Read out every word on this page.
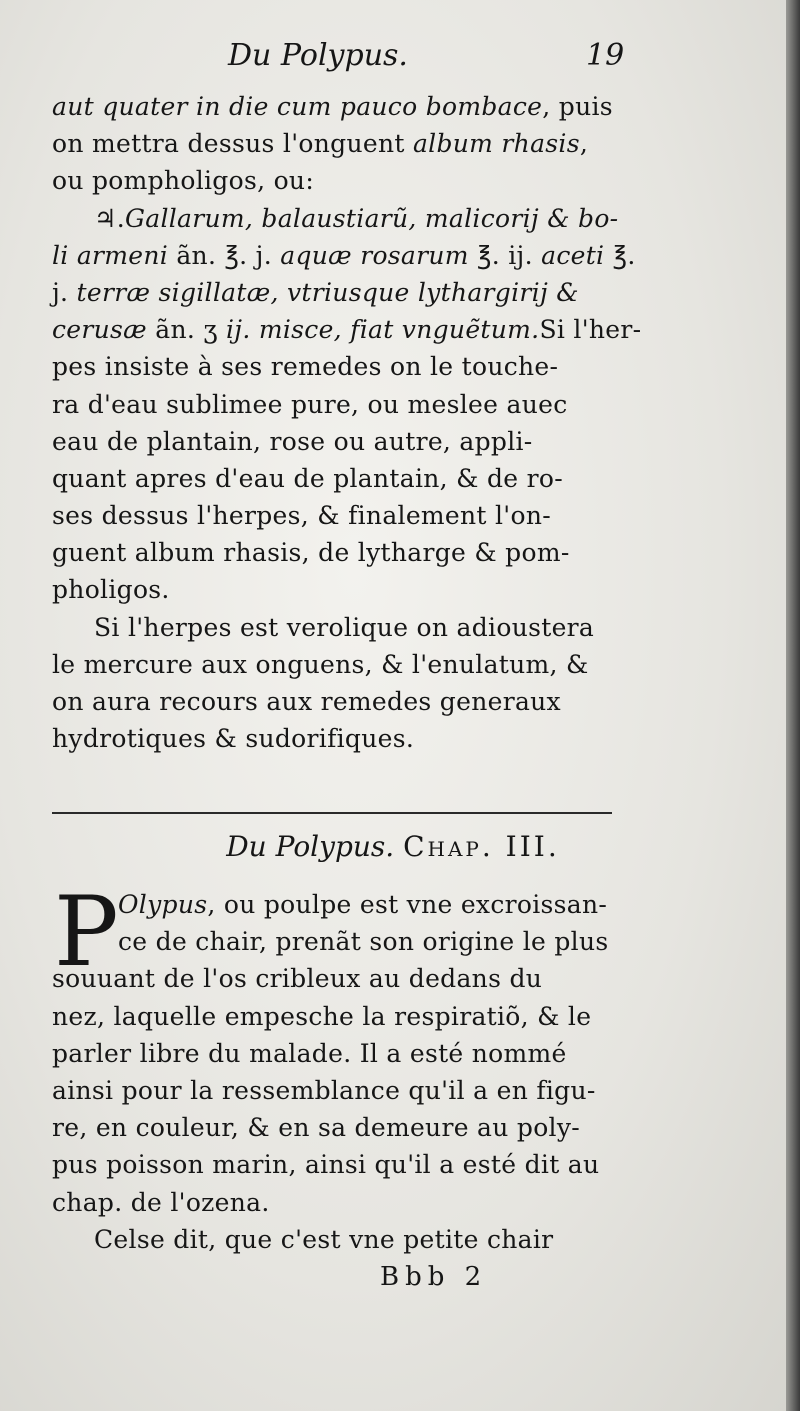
Du Polypus.	19
aut quater in die cum pauco bombace, puis
on mettra dessus l'onguent album rhasis,
ou pompholigos, ou:
♃.Gallarum, balaustiarũ, malicorij & bo-
li armeni ãn. ℥. j. aquæ rosarum ℥. ij. aceti ℥.
j. terræ sigillatæ, vtriusque lythargirij &
cerusæ ãn. ʒ ij. misce, fiat vnguẽtum.Si l'her-
pes insiste à ses remedes on le touche-
ra d'eau sublimee pure, ou meslee auec
eau de plantain, rose ou autre, appli-
quant apres d'eau de plantain, & de ro-
ses dessus l'herpes, & finalement l'on-
guent album rhasis, de lytharge & pom-
pholigos.
Si l'herpes est verolique on adioustera
le mercure aux onguens, & l'enulatum, &
on aura recours aux remedes generaux
hydrotiques & sudorifiques.
Du Polypus. Chap. III.
P Olypus, ou poulpe est vne excroissan-
ce de chair, prenãt son origine le plus
souuant de l'os cribleux au dedans du
nez, laquelle empesche la respiratiõ, & le
parler libre du malade. Il a esté nommé
ainsi pour la ressemblance qu'il a en figu-
re, en couleur, & en sa demeure au poly-
pus poisson marin, ainsi qu'il a esté dit au
chap. de l'ozena.
Celse dit, que c'est vne petite chair
Bbb 2
